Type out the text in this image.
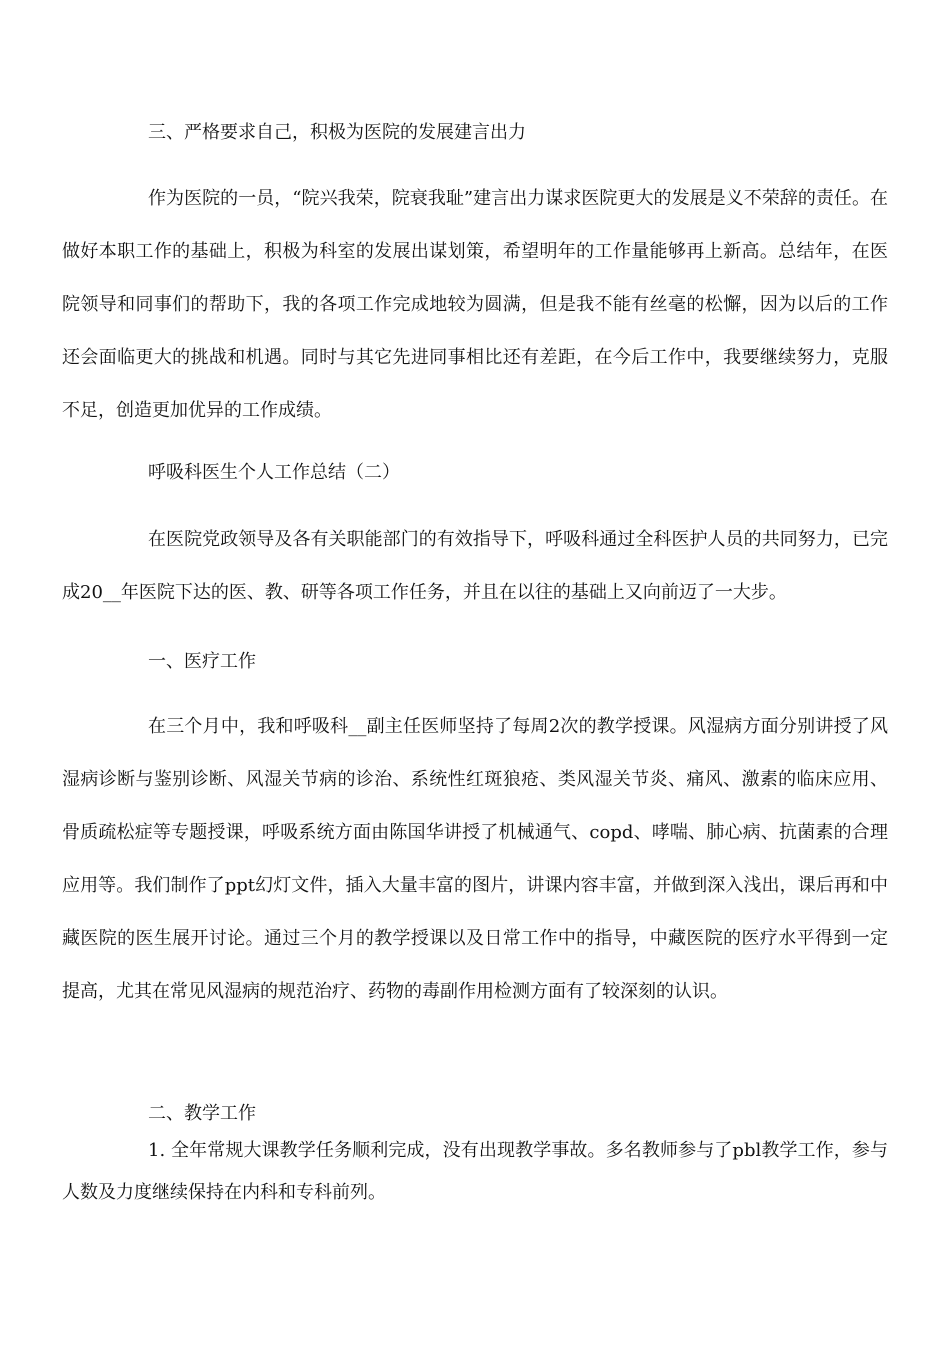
三、严格要求自己，积极为医院的发展建言出力

作为医院的一员，“院兴我荣，院衰我耻”建言出力谋求医院更大的发展是义不荣辞的责任。在做好本职工作的基础上，积极为科室的发展出谋划策，希望明年的工作量能够再上新高。总结年，在医院领导和同事们的帮助下，我的各项工作完成地较为圆满，但是我不能有丝毫的松懈，因为以后的工作还会面临更大的挑战和机遇。同时与其它先进同事相比还有差距，在今后工作中，我要继续努力，克服不足，创造更加优异的工作成绩。

呼吸科医生个人工作总结（二）

在医院党政领导及各有关职能部门的有效指导下，呼吸科通过全科医护人员的共同努力，已完成20__年医院下达的医、教、研等各项工作任务，并且在以往的基础上又向前迈了一大步。

一、医疗工作

在三个月中，我和呼吸科__副主任医师坚持了每周2次的教学授课。风湿病方面分别讲授了风湿病诊断与鉴别诊断、风湿关节病的诊治、系统性红斑狼疮、类风湿关节炎、痛风、激素的临床应用、骨质疏松症等专题授课，呼吸系统方面由陈国华讲授了机械通气、copd、哮喘、肺心病、抗菌素的合理应用等。我们制作了ppt幻灯文件，插入大量丰富的图片，讲课内容丰富，并做到深入浅出，课后再和中藏医院的医生展开讨论。通过三个月的教学授课以及日常工作中的指导，中藏医院的医疗水平得到一定提高，尤其在常见风湿病的规范治疗、药物的毒副作用检测方面有了较深刻的认识。

二、教学工作

1. 全年常规大课教学任务顺利完成，没有出现教学事故。多名教师参与了pbl教学工作，参与人数及力度继续保持在内科和专科前列。
